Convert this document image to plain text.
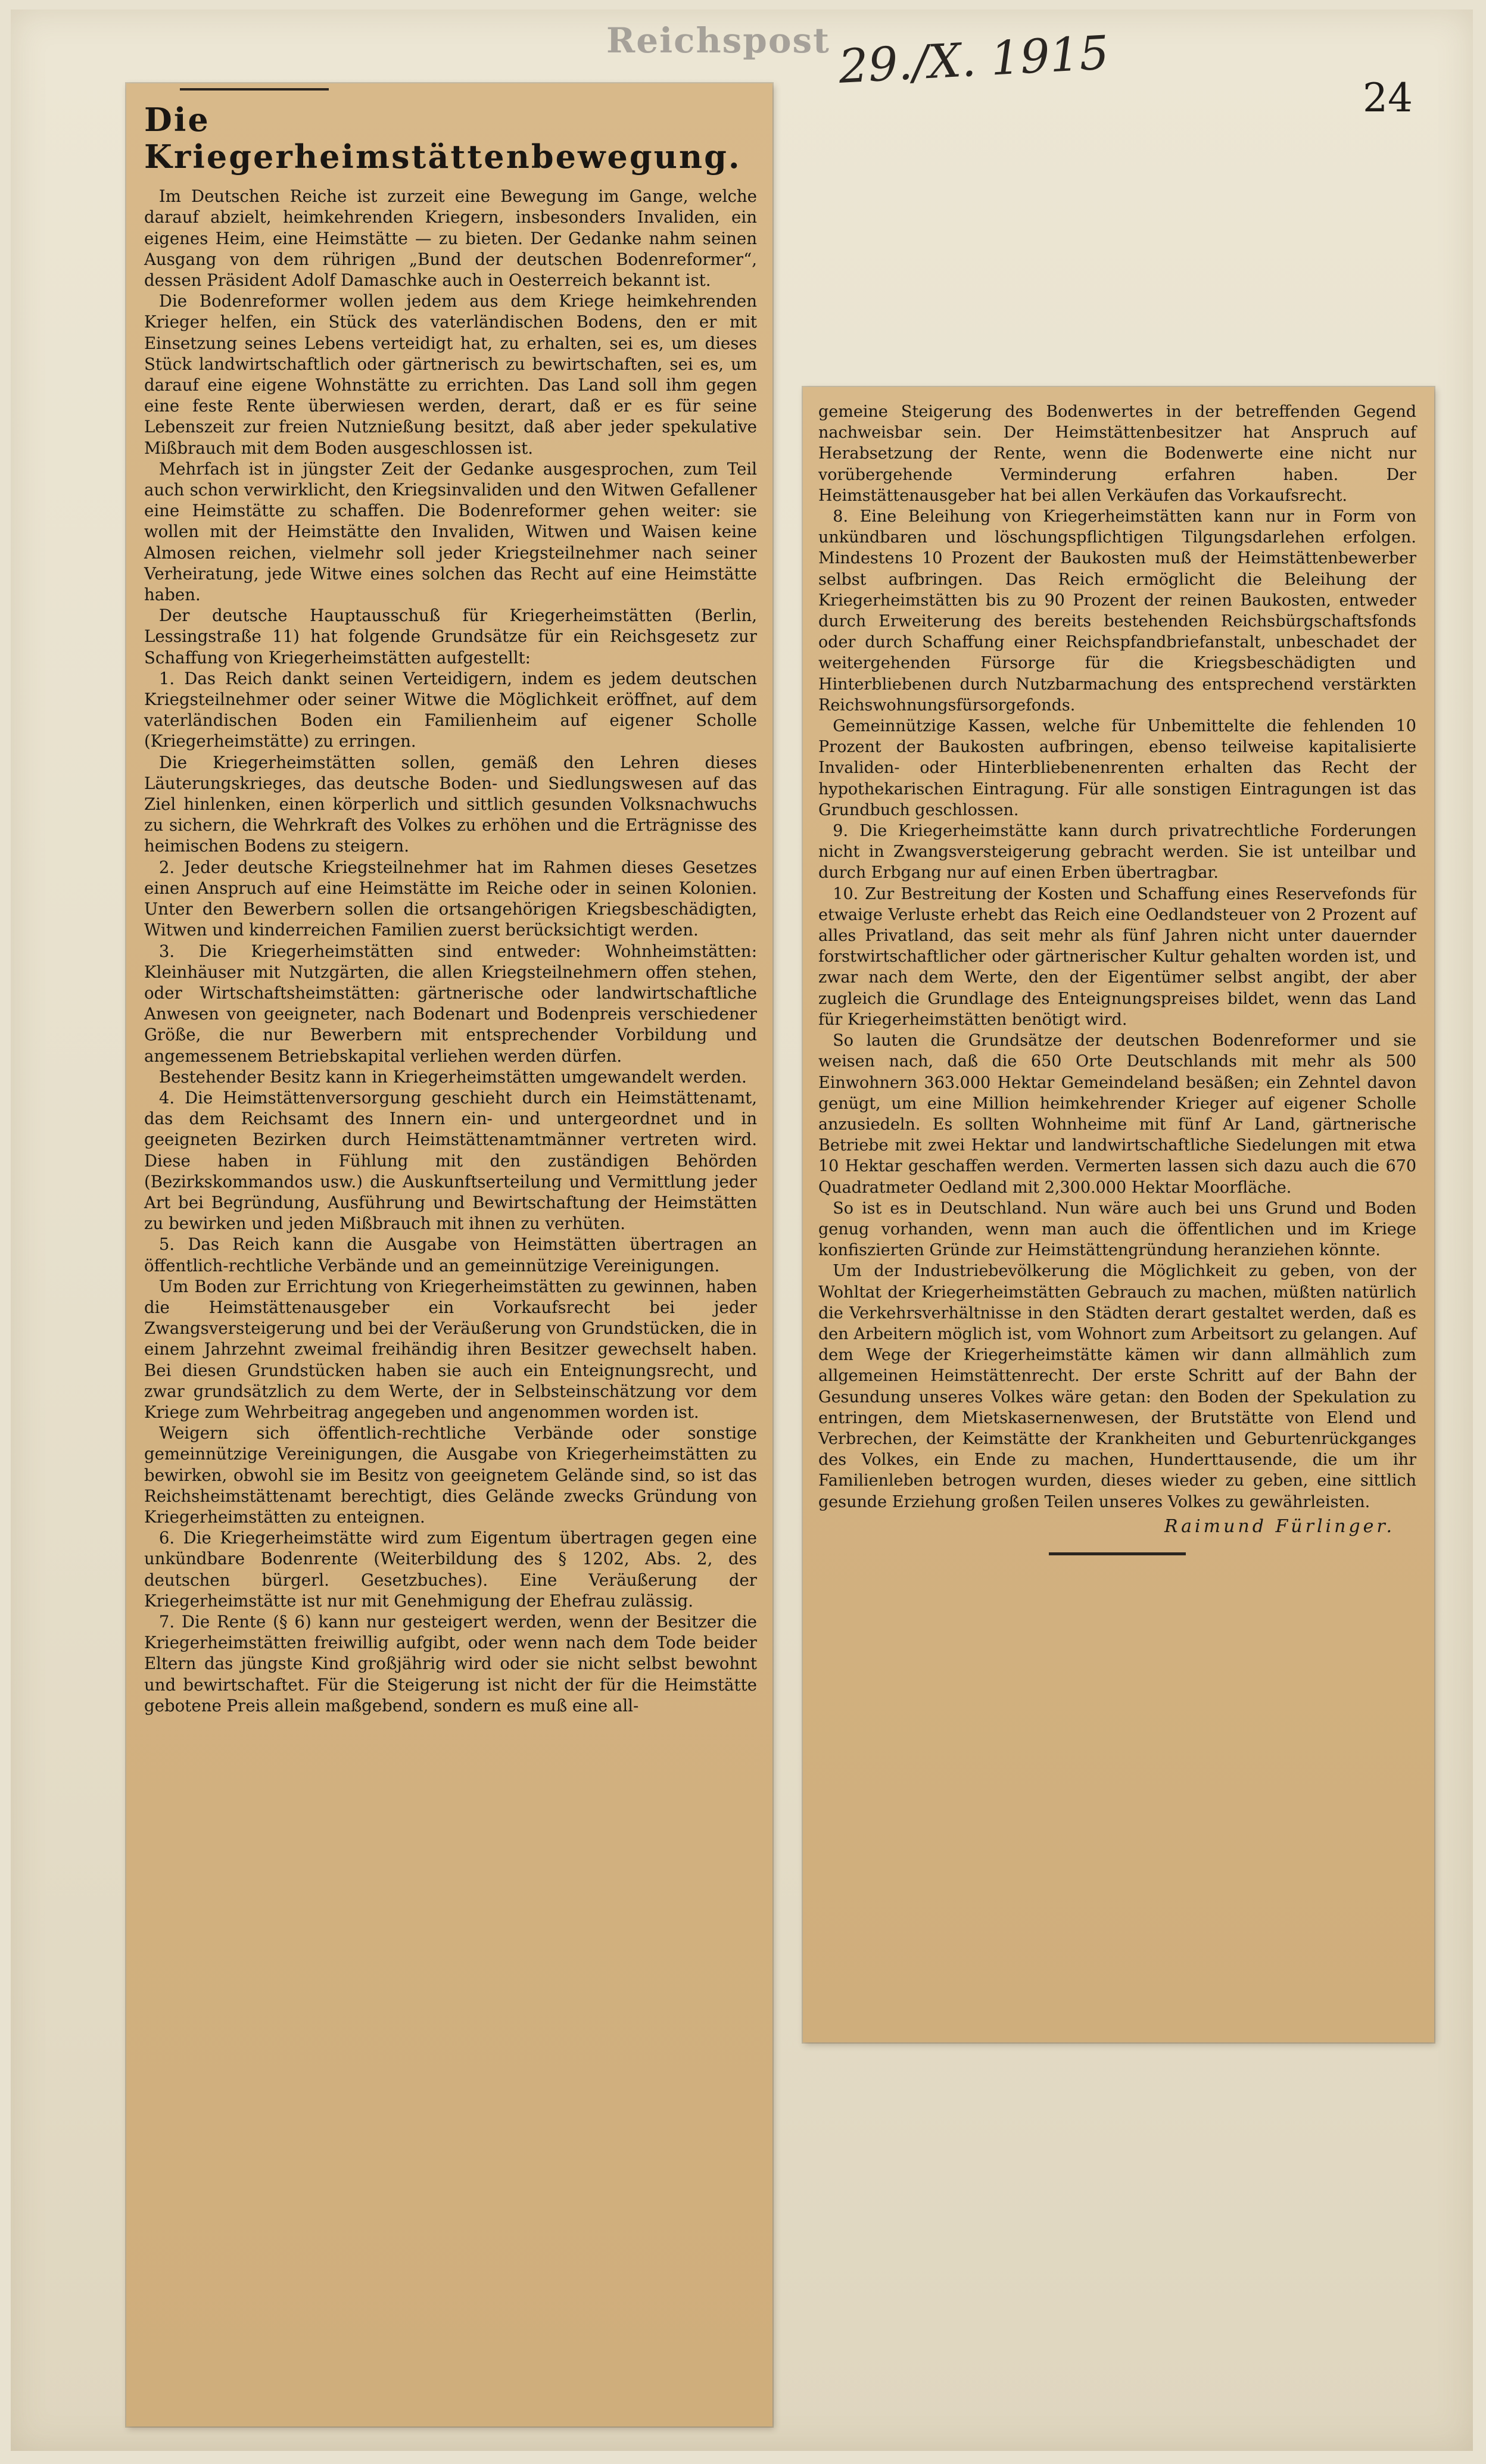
Reichspost 29./X. 1915
24
Die Kriegerheimstättenbewegung.

Im Deutschen Reiche ist zurzeit eine Bewegung im Gange, welche darauf abzielt, heimkehrenden Kriegern, insbesonders Invaliden, ein eigenes Heim, eine Heimstätte — zu bieten. Der Gedanke nahm seinen Ausgang von dem rührigen „Bund der deutschen Bodenreformer“, dessen Präsident Adolf Damaschke auch in Oesterreich bekannt ist.

Die Bodenreformer wollen jedem aus dem Kriege heimkehrenden Krieger helfen, ein Stück des vaterländischen Bodens, den er mit Einsetzung seines Lebens verteidigt hat, zu erhalten, sei es, um dieses Stück landwirtschaftlich oder gärtnerisch zu bewirtschaften, sei es, um darauf eine eigene Wohnstätte zu errichten. Das Land soll ihm gegen eine feste Rente überwiesen werden, derart, daß er es für seine Lebenszeit zur freien Nutznießung besitzt, daß aber jeder spekulative Mißbrauch mit dem Boden ausgeschlossen ist.

Mehrfach ist in jüngster Zeit der Gedanke ausgesprochen, zum Teil auch schon verwirklicht, den Kriegsinvaliden und den Witwen Gefallener eine Heimstätte zu schaffen. Die Bodenreformer gehen weiter: sie wollen mit der Heimstätte den Invaliden, Witwen und Waisen keine Almosen reichen, vielmehr soll jeder Kriegsteilnehmer nach seiner Verheiratung, jede Witwe eines solchen das Recht auf eine Heimstätte haben.

Der deutsche Hauptausschuß für Kriegerheimstätten (Berlin, Lessingstraße 11) hat folgende Grundsätze für ein Reichsgesetz zur Schaffung von Kriegerheimstätten aufgestellt:

1. Das Reich dankt seinen Verteidigern, indem es jedem deutschen Kriegsteilnehmer oder seiner Witwe die Möglichkeit eröffnet, auf dem vaterländischen Boden ein Familienheim auf eigener Scholle (Kriegerheimstätte) zu erringen.

Die Kriegerheimstätten sollen, gemäß den Lehren dieses Läuterungskrieges, das deutsche Boden- und Siedlungswesen auf das Ziel hinlenken, einen körperlich und sittlich gesunden Volksnachwuchs zu sichern, die Wehrkraft des Volkes zu erhöhen und die Erträgnisse des heimischen Bodens zu steigern.

2. Jeder deutsche Kriegsteilnehmer hat im Rahmen dieses Gesetzes einen Anspruch auf eine Heimstätte im Reiche oder in seinen Kolonien. Unter den Bewerbern sollen die ortsangehörigen Kriegsbeschädigten, Witwen und kinderreichen Familien zuerst berücksichtigt werden.

3. Die Kriegerheimstätten sind entweder: Wohnheimstätten: Kleinhäuser mit Nutzgärten, die allen Kriegsteilnehmern offen stehen, oder Wirtschaftsheimstätten: gärtnerische oder landwirtschaftliche Anwesen von geeigneter, nach Bodenart und Bodenpreis verschiedener Größe, die nur Bewerbern mit entsprechender Vorbildung und angemessenem Betriebskapital verliehen werden dürfen.

Bestehender Besitz kann in Kriegerheimstätten umgewandelt werden.

4. Die Heimstättenversorgung geschieht durch ein Heimstättenamt, das dem Reichsamt des Innern ein- und untergeordnet und in geeigneten Bezirken durch Heimstättenamtmänner vertreten wird. Diese haben in Fühlung mit den zuständigen Behörden (Bezirkskommandos usw.) die Auskunftserteilung und Vermittlung jeder Art bei Begründung, Ausführung und Bewirtschaftung der Heimstätten zu bewirken und jeden Mißbrauch mit ihnen zu verhüten.

5. Das Reich kann die Ausgabe von Heimstätten übertragen an öffentlich-rechtliche Verbände und an gemeinnützige Vereinigungen.

Um Boden zur Errichtung von Kriegerheimstätten zu gewinnen, haben die Heimstättenausgeber ein Vorkaufsrecht bei jeder Zwangsversteigerung und bei der Veräußerung von Grundstücken, die in einem Jahrzehnt zweimal freihändig ihren Besitzer gewechselt haben. Bei diesen Grundstücken haben sie auch ein Enteignungsrecht, und zwar grundsätzlich zu dem Werte, der in Selbsteinschätzung vor dem Kriege zum Wehrbeitrag angegeben und angenommen worden ist.

Weigern sich öffentlich-rechtliche Verbände oder sonstige gemeinnützige Vereinigungen, die Ausgabe von Kriegerheimstätten zu bewirken, obwohl sie im Besitz von geeignetem Gelände sind, so ist das Reichsheimstättenamt berechtigt, dies Gelände zwecks Gründung von Kriegerheimstätten zu enteignen.

6. Die Kriegerheimstätte wird zum Eigentum übertragen gegen eine unkündbare Bodenrente (Weiterbildung des § 1202, Abs. 2, des deutschen bürgerl. Gesetzbuches). Eine Veräußerung der Kriegerheimstätte ist nur mit Genehmigung der Ehefrau zulässig.

7. Die Rente (§ 6) kann nur gesteigert werden, wenn der Besitzer die Kriegerheimstätten freiwillig aufgibt, oder wenn nach dem Tode beider Eltern das jüngste Kind großjährig wird oder sie nicht selbst bewohnt und bewirtschaftet. Für die Steigerung ist nicht der für die Heimstätte gebotene Preis allein maßgebend, sondern es muß eine all-

gemeine Steigerung des Bodenwertes in der betreffenden Gegend nachweisbar sein. Der Heimstättenbesitzer hat Anspruch auf Herabsetzung der Rente, wenn die Bodenwerte eine nicht nur vorübergehende Verminderung erfahren haben. Der Heimstättenausgeber hat bei allen Verkäufen das Vorkaufsrecht.

8. Eine Beleihung von Kriegerheimstätten kann nur in Form von unkündbaren und löschungspflichtigen Tilgungsdarlehen erfolgen. Mindestens 10 Prozent der Baukosten muß der Heimstättenbewerber selbst aufbringen. Das Reich ermöglicht die Beleihung der Kriegerheimstätten bis zu 90 Prozent der reinen Baukosten, entweder durch Erweiterung des bereits bestehenden Reichsbürgschaftsfonds oder durch Schaffung einer Reichspfandbriefanstalt, unbeschadet der weitergehenden Fürsorge für die Kriegsbeschädigten und Hinterbliebenen durch Nutzbarmachung des entsprechend verstärkten Reichswohnungsfürsorgefonds.

Gemeinnützige Kassen, welche für Unbemittelte die fehlenden 10 Prozent der Baukosten aufbringen, ebenso teilweise kapitalisierte Invaliden- oder Hinterbliebenenrenten erhalten das Recht der hypothekarischen Eintragung. Für alle sonstigen Eintragungen ist das Grundbuch geschlossen.

9. Die Kriegerheimstätte kann durch privatrechtliche Forderungen nicht in Zwangsversteigerung gebracht werden. Sie ist unteilbar und durch Erbgang nur auf einen Erben übertragbar.

10. Zur Bestreitung der Kosten und Schaffung eines Reservefonds für etwaige Verluste erhebt das Reich eine Oedlandsteuer von 2 Prozent auf alles Privatland, das seit mehr als fünf Jahren nicht unter dauernder forstwirtschaftlicher oder gärtnerischer Kultur gehalten worden ist, und zwar nach dem Werte, den der Eigentümer selbst angibt, der aber zugleich die Grundlage des Enteignungspreises bildet, wenn das Land für Kriegerheimstätten benötigt wird.

So lauten die Grundsätze der deutschen Bodenreformer und sie weisen nach, daß die 650 Orte Deutschlands mit mehr als 500 Einwohnern 363.000 Hektar Gemeindeland besäßen; ein Zehntel davon genügt, um eine Million heimkehrender Krieger auf eigener Scholle anzusiedeln. Es sollten Wohnheime mit fünf Ar Land, gärtnerische Betriebe mit zwei Hektar und landwirtschaftliche Siedelungen mit etwa 10 Hektar geschaffen werden. Vermerten lassen sich dazu auch die 670 Quadratmeter Oedland mit 2,300.000 Hektar Moorfläche.

So ist es in Deutschland. Nun wäre auch bei uns Grund und Boden genug vorhanden, wenn man auch die öffentlichen und im Kriege konfiszierten Gründe zur Heimstättengründung heranziehen könnte.

Um der Industriebevölkerung die Möglichkeit zu geben, von der Wohltat der Kriegerheimstätten Gebrauch zu machen, müßten natürlich die Verkehrsverhältnisse in den Städten derart gestaltet werden, daß es den Arbeitern möglich ist, vom Wohnort zum Arbeitsort zu gelangen. Auf dem Wege der Kriegerheimstätte kämen wir dann allmählich zum allgemeinen Heimstättenrecht. Der erste Schritt auf der Bahn der Gesundung unseres Volkes wäre getan: den Boden der Spekulation zu entringen, dem Mietskasernenwesen, der Brutstätte von Elend und Verbrechen, der Keimstätte der Krankheiten und Geburtenrückganges des Volkes, ein Ende zu machen, Hunderttausende, die um ihr Familienleben betrogen wurden, dieses wieder zu geben, eine sittlich gesunde Erziehung großen Teilen unseres Volkes zu gewährleisten.

Raimund Fürlinger.
